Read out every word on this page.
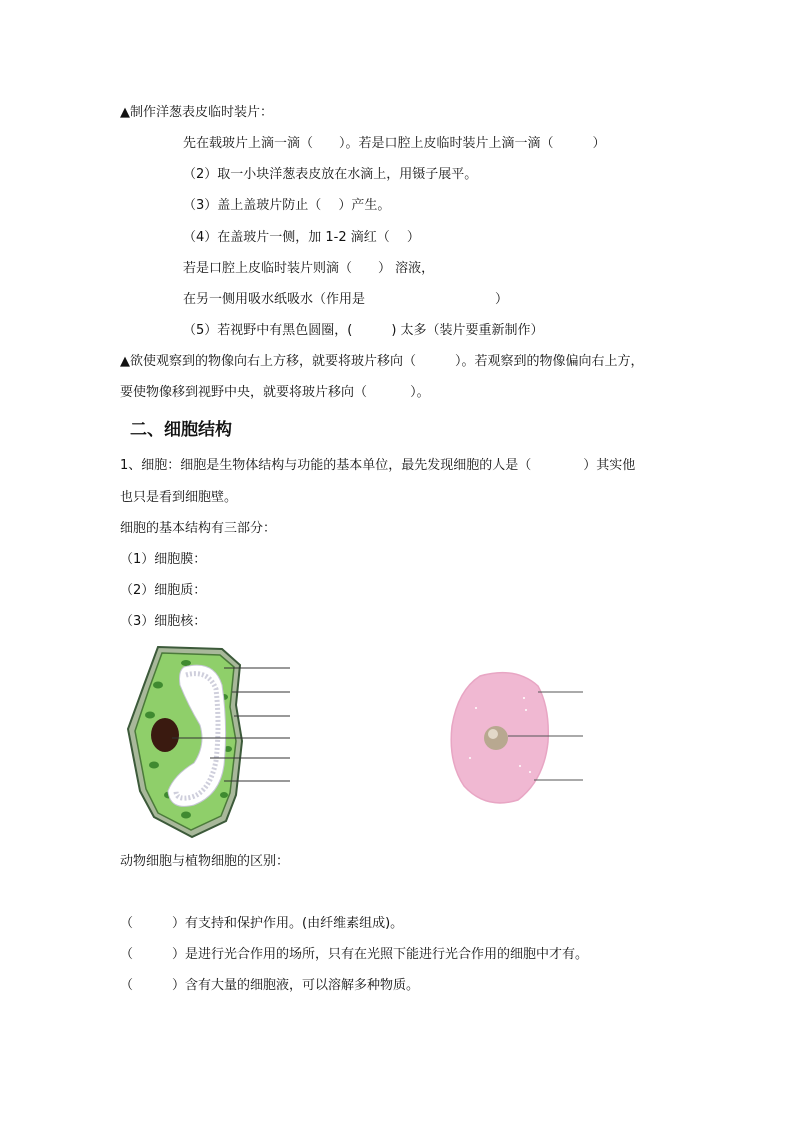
▲制作洋葱表皮临时装片：
先在载玻片上滴一滴（　　）。若是口腔上皮临时装片上滴一滴（　　　）
（2）取一小块洋葱表皮放在水滴上，用镊子展平。
（3）盖上盖玻片防止（　 ）产生。
（4）在盖玻片一侧，加 1-2 滴红（　 ）
若是口腔上皮临时装片则滴（　　） 溶液，
在另一侧用吸水纸吸水（作用是　　　　　　　　　　）
（5）若视野中有黑色圆圈，(　　　) 太多（装片要重新制作）
▲欲使观察到的物像向右上方移，就要将玻片移向（　　　）。若观察到的物像偏向右上方，
要使物像移到视野中央，就要将玻片移向（　　　 ）。
二、细胞结构
1、细胞：细胞是生物体结构与功能的基本单位，最先发现细胞的人是（　　　　）其实他
也只是看到细胞壁。
细胞的基本结构有三部分：
（1）细胞膜：
（2）细胞质：
（3）细胞核：
动物细胞与植物细胞的区别：
（　　　）有支持和保护作用。(由纤维素组成)。
（　　　）是进行光合作用的场所，只有在光照下能进行光合作用的细胞中才有。
（　　　）含有大量的细胞液，可以溶解多种物质。
